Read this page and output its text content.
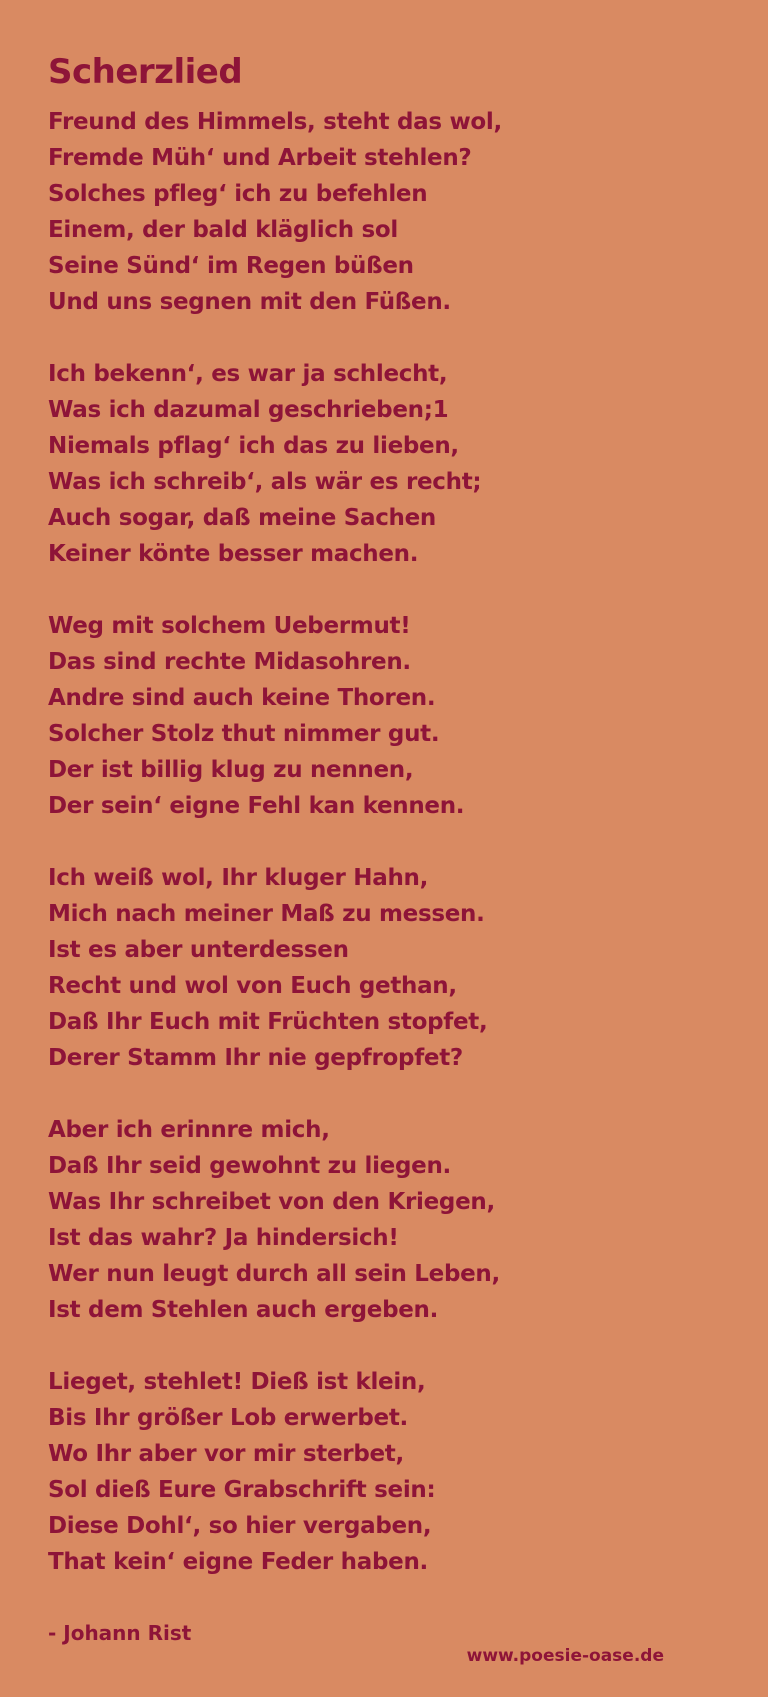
Scherzlied
Freund des Himmels, steht das wol,
Fremde Müh‘ und Arbeit stehlen?
Solches pfleg‘ ich zu befehlen
Einem, der bald kläglich sol
Seine Sünd‘ im Regen büßen
Und uns segnen mit den Füßen.
Ich bekenn‘, es war ja schlecht,
Was ich dazumal geschrieben;1
Niemals pflag‘ ich das zu lieben,
Was ich schreib‘, als wär es recht;
Auch sogar, daß meine Sachen
Keiner könte besser machen.
Weg mit solchem Uebermut!
Das sind rechte Midasohren.
Andre sind auch keine Thoren.
Solcher Stolz thut nimmer gut.
Der ist billig klug zu nennen,
Der sein‘ eigne Fehl kan kennen.
Ich weiß wol, Ihr kluger Hahn,
Mich nach meiner Maß zu messen.
Ist es aber unterdessen
Recht und wol von Euch gethan,
Daß Ihr Euch mit Früchten stopfet,
Derer Stamm Ihr nie gepfropfet?
Aber ich erinnre mich,
Daß Ihr seid gewohnt zu liegen.
Was Ihr schreibet von den Kriegen,
Ist das wahr? Ja hindersich!
Wer nun leugt durch all sein Leben,
Ist dem Stehlen auch ergeben.
Lieget, stehlet! Dieß ist klein,
Bis Ihr größer Lob erwerbet.
Wo Ihr aber vor mir sterbet,
Sol dieß Eure Grabschrift sein:
Diese Dohl‘, so hier vergaben,
That kein‘ eigne Feder haben.
- Johann Rist
www.poesie-oase.de
